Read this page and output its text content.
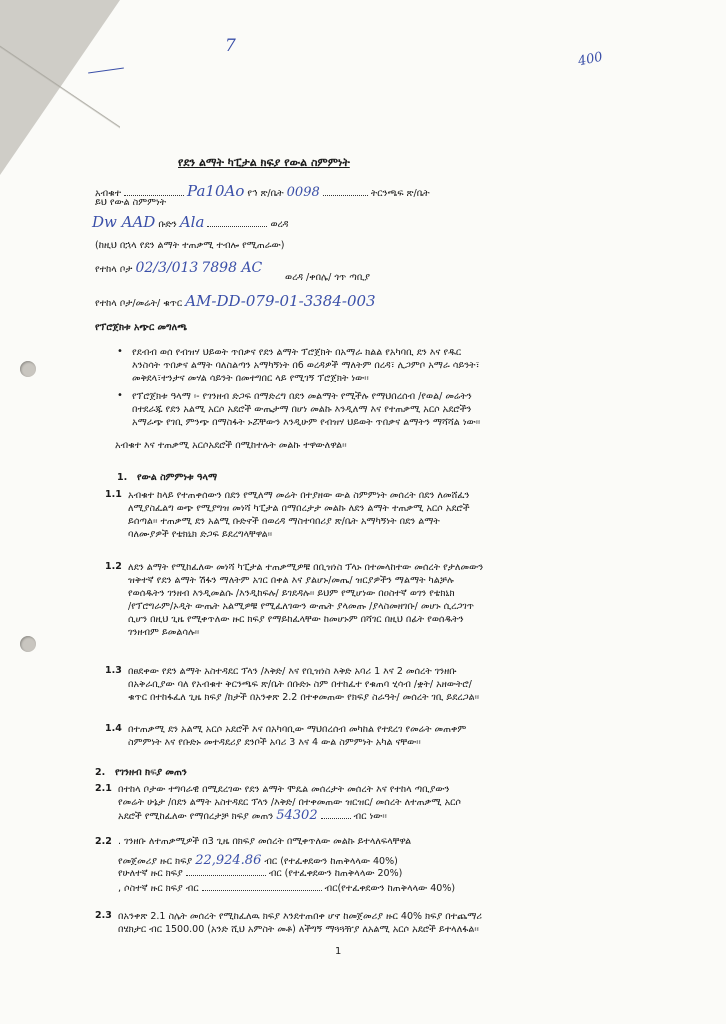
7
400
የደን ልማት ካፒታል ክፍያ የውል ስምምነት
አብቁተ	Pa10Ao የኅ ጽ/ቤት 0098	ትርንጫፍ ጽ/ቤት
ይህ የውል ስምምነት
Dw AAD ቡድን Ala	ወረዳ
(ከዚህ በኋላ የደን ልማት ተጠቃሚ ተብሎ የሚጠራው)
የተከላ ቦታ 02/3/013 7898 AC
ወረዳ /ቀበሌ/ ጎጥ ጣቢያ
የተከላ ቦታ/መሬት/ ቁጥር AM-DD-079-01-3384-003
የፕሮጀክቱ አጭር መግለጫ
• የደብብ ወሰ የብዝሃ ህይወት ጥበቃና የደን ልማት ፕሮጀክት በአማራ ክልል የአካባቢ ደን እና የዱር

እንስሳት ጥበቃና ልማት ባለስልጣን አማካኝነት በ6 ወረዳዎች ማለትም በረዳ፣ ሊጋምቦ አማራ ሳይንት፣

መቅደላ፣ተንታና መሃል ሳይንት በመተግበር ላይ የሚገኝ ፕሮጀክት ነው፡፡

• የፕሮጀክቱ ዓላማ ፡- የገንዘብ ድጋፍ በማድረግ በደን መልማት የሚችሉ የማህበረሰብ /የወል/ መሬትን

በተደራጁ የደን አልሚ አርሶ አደሮች ውጤታማ በሆነ መልኩ እንዲለማ እና የተጠቃሚ አርሶ አደሮችን

አማራጭ የገቢ ምንጭ በማስፋት ኑሯቸውን እንዲሁም የብዝሃ ህይወት ጥበቃና ልማትን ማሻሻል ነው፡፡

አብቁተ እና ተጠቃሚ አርሶአደሮች በሚከተሉት መልኩ ተዋውለዋል፡፡
1. የውል ስምምነቱ ዓላማ
1.1 አብቁተ ከላይ የተጠቀሰውን በደን የሚለማ መሬት በተያዘው ውል ስምምነት መሰረት በደን ለመሸፈን

ለሚያስፈልግ ወጭ የሚያግዝ መነሻ ካፒታል በማበረታታ መልኩ ለደን ልማት ተጠቃሚ አርሶ አደሮች

ይሰጣል፡፡ ተጠቃሚ ደን አልሚ ቡድኖች በወረዳ ማስተባበሪያ ጽ/ቤት አማካኝነት በደን ልማት

ባለሙያዎች የቴክኒክ ድጋፍ ይደረግላቸዋል፡፡

1.2 ለደን ልማት የሚከፈለው መነሻ ካፒታል ተጠቃሚዎቹ በቢዝነስ ፕላኑ በተመላከተው መሰረት የታለመውን

ዝቅተኛ የደን ልማት ሽፋን ማለትም አገር በቀል እና ያልሆኑ/መጤ/ ዝርያዎችን ማልማት ካልቻሉ

የወሰዱትን ገንዘብ እንዲመልሱ /እንዲከፍሉ/ ይገደዳሉ፡፡ ይህም የሚሆነው በዐስተኛ ወገን የቴክኒክ

/የፕሮግራም/ኦዲት ውጤት አልሚዎቹ የሚፈለገውን ውጤት ያላመጡ /ያላስመዘገቡ/ መሆኑ ሲረጋገጥ

ሲሆን በዚህ ጊዜ የሚቀጥለው ዙር ክፍያ የማይከፈላቸው ከመሆኑም በሻገር በዚህ በፊት የወሰዱትን

ገንዘብም ይመልሳሉ፡፡

1.3 በፀደቀው የደን ልማት አስተዳደር ፕላን /እቅድ/ እና የቢዝነስ እቅድ አባሪ 1 እና 2 መሰረት ገንዘቡ

በአቅራቢያው ባለ የአብቁተ ቅርንጫፍ ጽ/ቤት በቡድኑ ስም በተከፈተ የቁጠባ ሂሳብ /ቋት/ አዘውትሮ/

ቁጥር በተከፋፈለ ጊዜ ክፍያ /ከታች በአንቀጽ 2.2 በተቀመጠው የክፍያ ስራዓት/ መሰረት ገቢ ይደረጋል፡፡

1.4 በተጠቃሚ ደን አልሚ አርሶ አደሮች እና በአካባቢው ማህበረሰብ መካከል የተደረገ የመሬት መጠቀም

ስምምነት እና የቡድኑ መተዳደሪያ ደንቦች አባሪ 3 እና 4 ውል ስምምነት አካል ናቸው፡፡

2. የገንዘብ ክፍያ መጠን
2.1 በተከላ ቦታው ተግባራዊ በሚደረገው የደን ልማት ሞዴል መሰረታት መሰረት እና የተከላ ጣቢያውን

የመሬት ሁኔታ /በደን ልማት አስተዳደር ፕላን /እቅድ/ በተቀመጠው ዝርዝር/ መሰረት ለተጠቃሚ አርሶ

አደሮች የሚከፈለው የማበረታቻ ክፍያ መጠን 54302	ብር ነው፡፡

2.2 . ገንዘቡ ለተጠቃሚዎች በ3 ጊዜ በክፍያ መሰረት በሚቀጥለው መልኩ ይተላለፍላቸዋል
የመጀመሪያ ዙር ክፍያ 22,924.86 ብር (የተፈቀደውን ከጠቅላላው 40%)
የሁለተኛ ዙር ክፍያ	ብር (የተፈቀደውን ከጠቅላላው 20%)
, ሶስተኛ ዙር ክፍያ ብር	ብር(የተፈቀደውን ከጠቅላላው 40%)
2.3 በአንቀጽ 2.1 ስሌት መሰረት የሚከፈለዉ ክፍያ እንደተጠበቀ ሆኖ ከመጀመሪያ ዙር 40% ክፍያ በተጨማሪ

በሄክታር ብር 1500.00 (አንድ ሺህ አምስት መቶ) ለችግኝ ማጓጓዥያ ለአልሚ አርሶ አደሮች ይተላለፋል፡፡

1
